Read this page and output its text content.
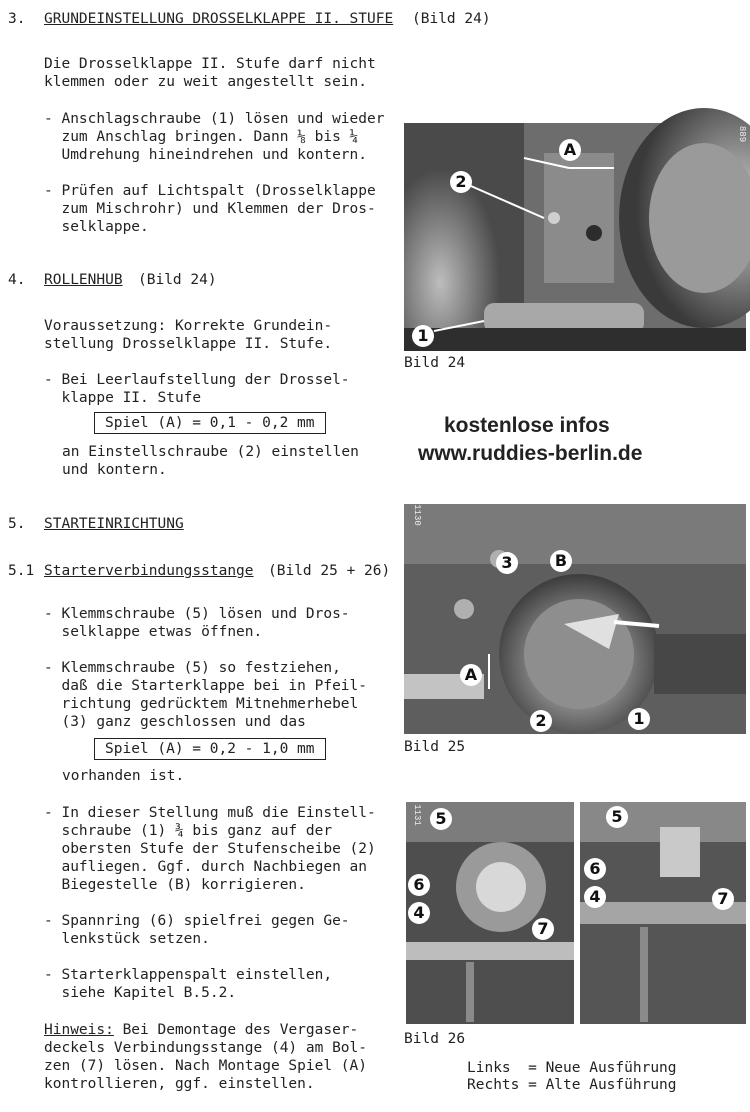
3. GRUNDEINSTELLUNG DROSSELKLAPPE II. STUFE (Bild 24)
Die Drosselklappe II. Stufe darf nicht
klemmen oder zu weit angestellt sein.
- Anschlagschraube (1) lösen und wieder
zum Anschlag bringen. Dann ⅛ bis ¼
Umdrehung hineindrehen und kontern.
- Prüfen auf Lichtspalt (Drosselklappe
zum Mischrohr) und Klemmen der Dros-
selklappe.
4. ROLLENHUB (Bild 24)
Voraussetzung: Korrekte Grundein-
stellung Drosselklappe II. Stufe.
- Bei Leerlaufstellung der Drossel-
klappe II. Stufe
Spiel (A) = 0,1 - 0,2 mm
an Einstellschraube (2) einstellen
und kontern.
5. STARTEINRICHTUNG
5.1 Starterverbindungsstange (Bild 25 + 26)
- Klemmschraube (5) lösen und Dros-
selklappe etwas öffnen.
- Klemmschraube (5) so festziehen,
daß die Starterklappe bei in Pfeil-
richtung gedrücktem Mitnehmerhebel
(3) ganz geschlossen und das
Spiel (A) = 0,2 - 1,0 mm
vorhanden ist.
- In dieser Stellung muß die Einstell-
schraube (1) ¾ bis ganz auf der
obersten Stufe der Stufenscheibe (2)
aufliegen. Ggf. durch Nachbiegen an
Biegestelle (B) korrigieren.
- Spannring (6) spielfrei gegen Ge-
lenkstück setzen.
- Starterklappenspalt einstellen,
siehe Kapitel B.5.2.
Hinweis: Bei Demontage des Vergaser-
deckels Verbindungsstange (4) am Bol-
zen (7) lösen. Nach Montage Spiel (A)
kontrollieren, ggf. einstellen.
A
2
1
889
Bild 24
kostenlose infos
www.ruddies-berlin.de
3	B
A
2	1
1130
Bild 25
5
6
4
7
1131	5
6
4	7
Bild 26
Links  = Neue Ausführung
Rechts = Alte Ausführung
